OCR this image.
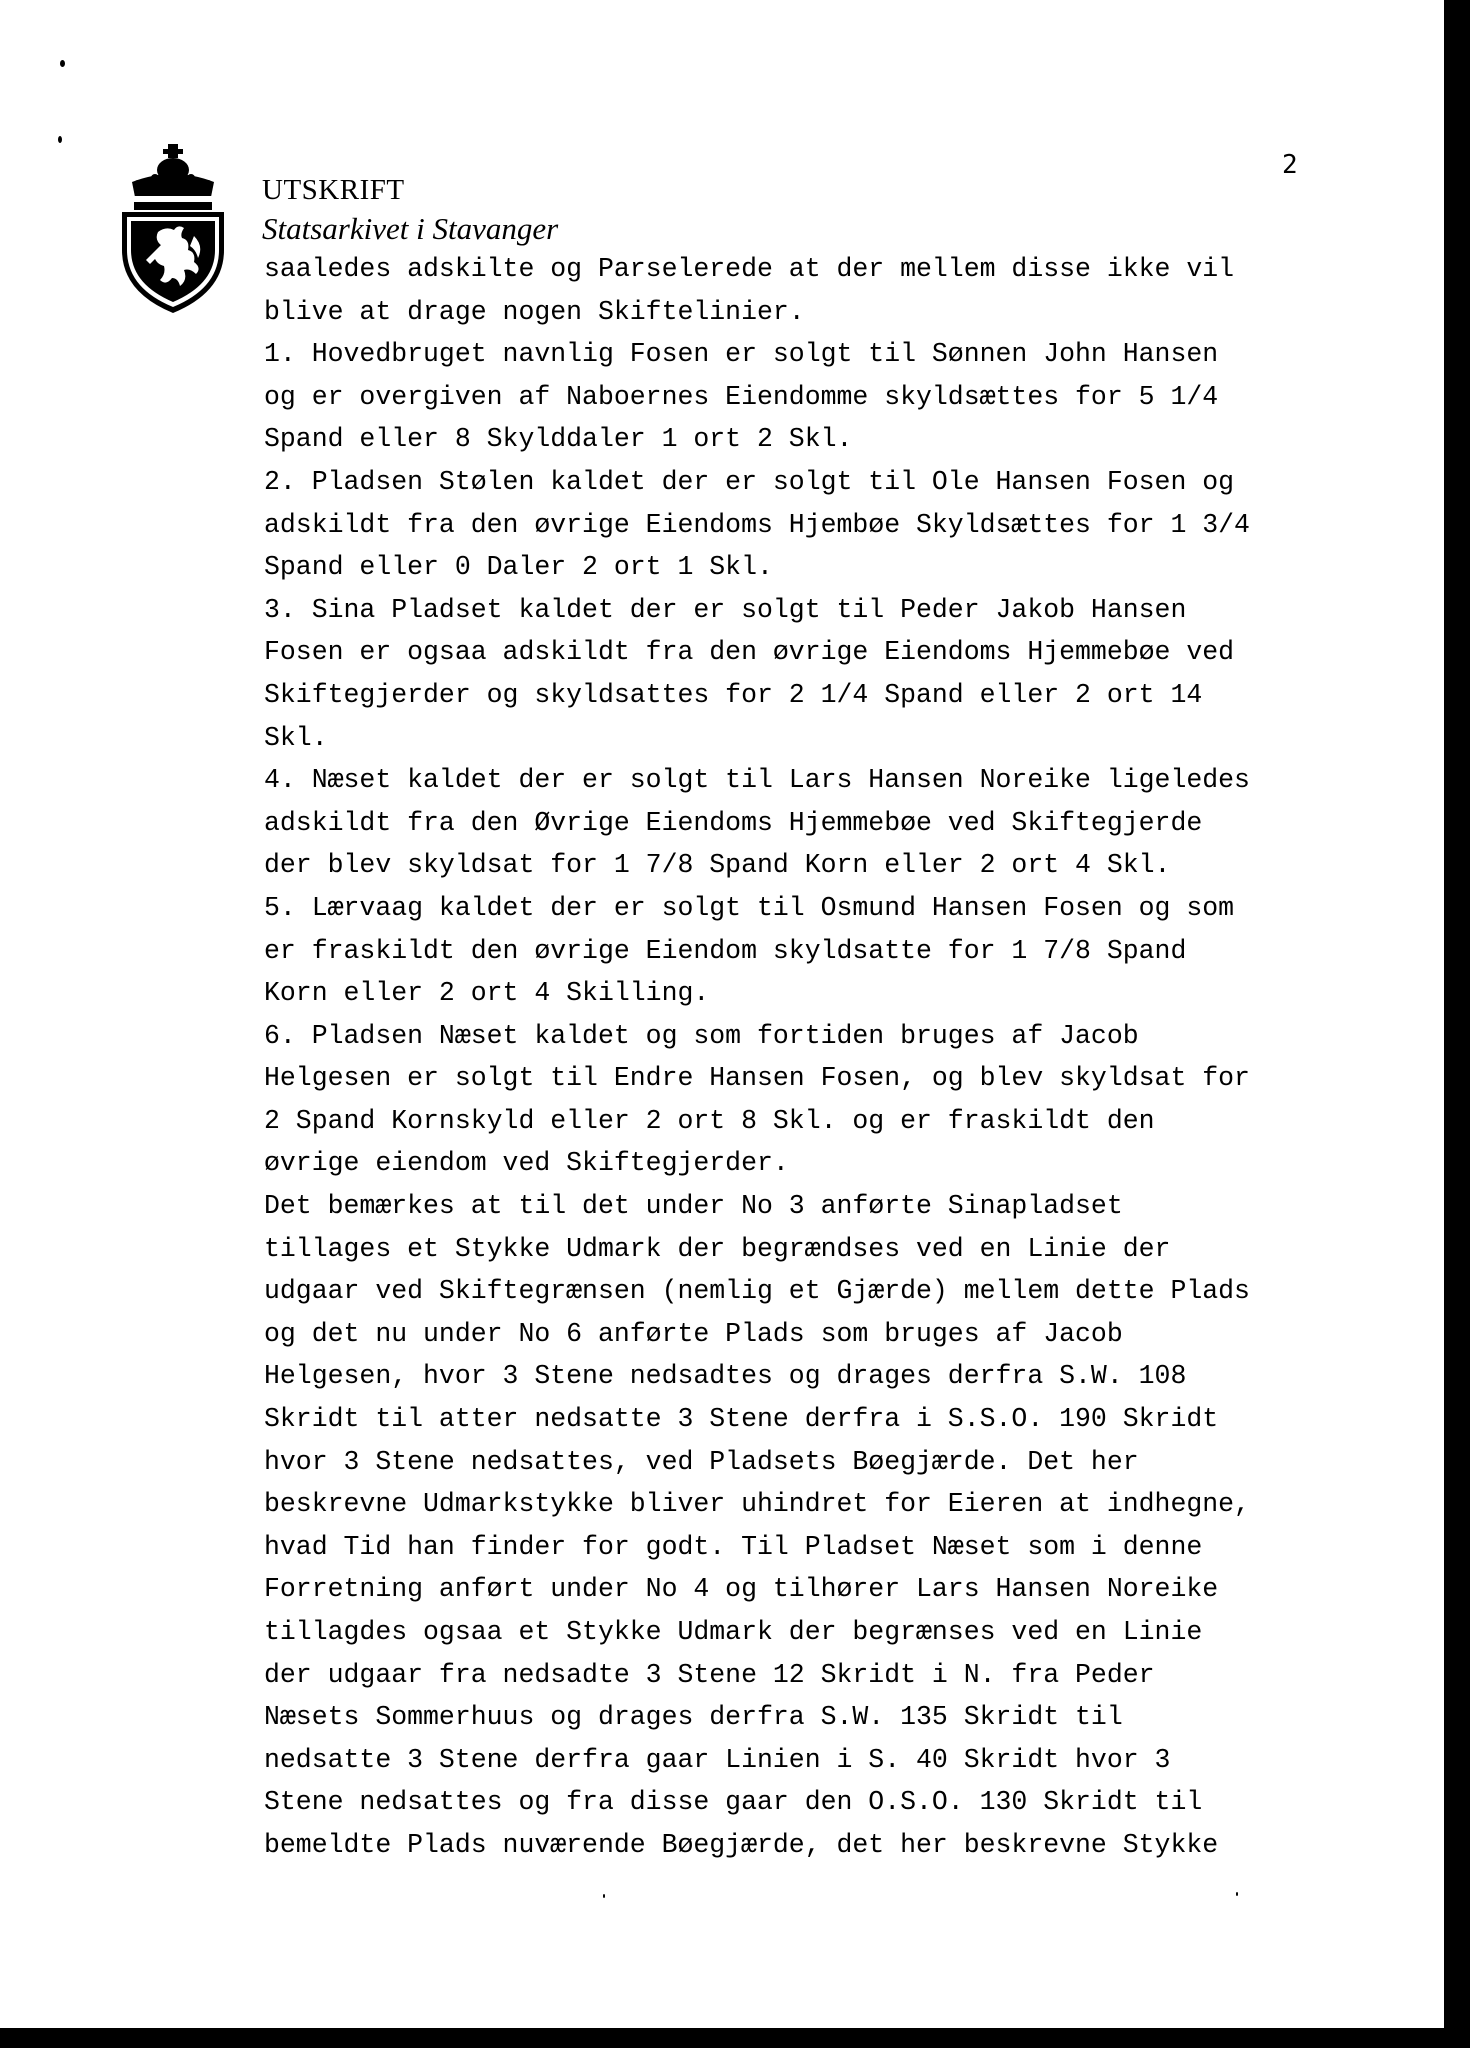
UTSKRIFT
Statsarkivet i Stavanger
2
saaledes adskilte og Parselerede at der mellem disse ikke vil
blive at drage nogen Skiftelinier.
1. Hovedbruget navnlig Fosen er solgt til Sønnen John Hansen
og er overgiven af Naboernes Eiendomme skyldsættes for 5 1/4
Spand eller 8 Skylddaler 1 ort 2 Skl.
2. Pladsen Stølen kaldet der er solgt til Ole Hansen Fosen og
adskildt fra den øvrige Eiendoms Hjembøe Skyldsættes for 1 3/4
Spand eller 0 Daler 2 ort 1 Skl.
3. Sina Pladset kaldet der er solgt til Peder Jakob Hansen
Fosen er ogsaa adskildt fra den øvrige Eiendoms Hjemmebøe ved
Skiftegjerder og skyldsattes for 2 1/4 Spand eller 2 ort 14
Skl.
4. Næset kaldet der er solgt til Lars Hansen Noreike ligeledes
adskildt fra den Øvrige Eiendoms Hjemmebøe ved Skiftegjerde
der blev skyldsat for 1 7/8 Spand Korn eller 2 ort 4 Skl.
5. Lærvaag kaldet der er solgt til Osmund Hansen Fosen og som
er fraskildt den øvrige Eiendom skyldsatte for 1 7/8 Spand
Korn eller 2 ort 4 Skilling.
6. Pladsen Næset kaldet og som fortiden bruges af Jacob
Helgesen er solgt til Endre Hansen Fosen, og blev skyldsat for
2 Spand Kornskyld eller 2 ort 8 Skl. og er fraskildt den
øvrige eiendom ved Skiftegjerder.
Det bemærkes at til det under No 3 anførte Sinapladset
tillages et Stykke Udmark der begrændses ved en Linie der
udgaar ved Skiftegrænsen (nemlig et Gjærde) mellem dette Plads
og det nu under No 6 anførte Plads som bruges af Jacob
Helgesen, hvor 3 Stene nedsadtes og drages derfra S.W. 108
Skridt til atter nedsatte 3 Stene derfra i S.S.O. 190 Skridt
hvor 3 Stene nedsattes, ved Pladsets Bøegjærde. Det her
beskrevne Udmarkstykke bliver uhindret for Eieren at indhegne,
hvad Tid han finder for godt. Til Pladset Næset som i denne
Forretning anført under No 4 og tilhører Lars Hansen Noreike
tillagdes ogsaa et Stykke Udmark der begrænses ved en Linie
der udgaar fra nedsadte 3 Stene 12 Skridt i N. fra Peder
Næsets Sommerhuus og drages derfra S.W. 135 Skridt til
nedsatte 3 Stene derfra gaar Linien i S. 40 Skridt hvor 3
Stene nedsattes og fra disse gaar den O.S.O. 130 Skridt til
bemeldte Plads nuværende Bøegjærde, det her beskrevne Stykke
